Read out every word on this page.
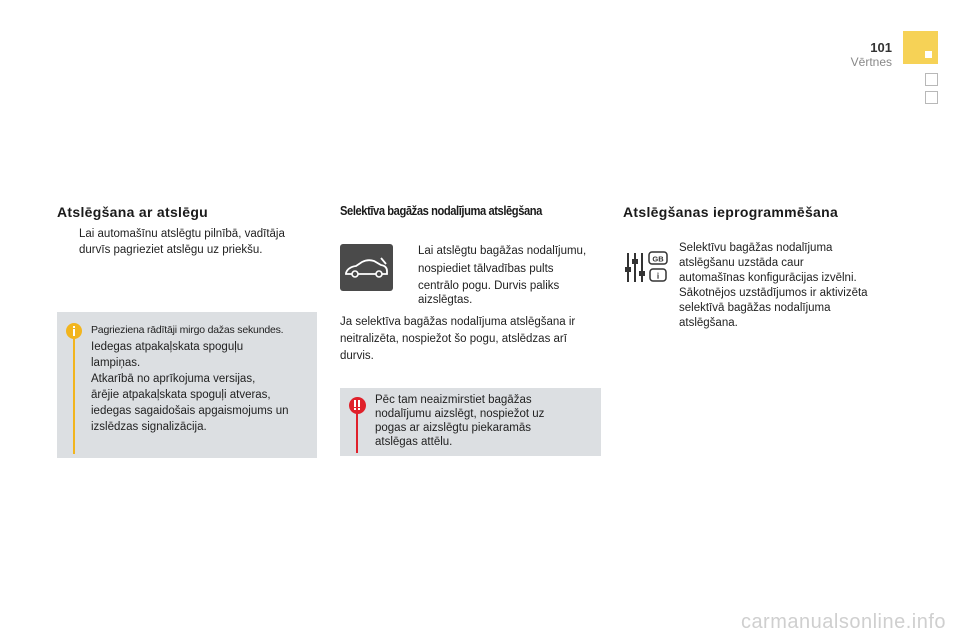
101
Vērtnes
Atslēgšana ar atslēgu
Lai automašīnu atslēgtu pilnībā, vadītāja
durvīs pagrieziet atslēgu uz priekšu.
Pagrieziena rādītāji mirgo dažas sekundes.
Iedegas atpakaļskata spoguļu
lampiņas.
Atkarībā no aprīkojuma versijas,
ārējie atpakaļskata spoguļi atveras,
iedegas sagaidošais apgaismojums un
izslēdzas signalizācija.
Selektīva bagāžas nodalījuma atslēgšana
Lai atslēgtu bagāžas nodalījumu,
nospiediet tālvadības pults
centrālo pogu. Durvis paliks
aizslēgtas.
Ja selektīva bagāžas nodalījuma atslēgšana ir
neitralizēta, nospiežot šo pogu, atslēdzas arī
durvis.
Pēc tam neaizmirstiet bagāžas
nodalījumu aizslēgt, nospiežot uz
pogas ar aizslēgtu piekaramās
atslēgas attēlu.
Atslēgšanas ieprogrammēšana
GB
i
Selektīvu bagāžas nodalījuma
atslēgšanu uzstāda caur
automašīnas konfigurācijas izvēlni.
Sākotnējos uzstādījumos ir aktivizēta
selektīvā bagāžas nodalījuma
atslēgšana.
carmanualsonline.info
